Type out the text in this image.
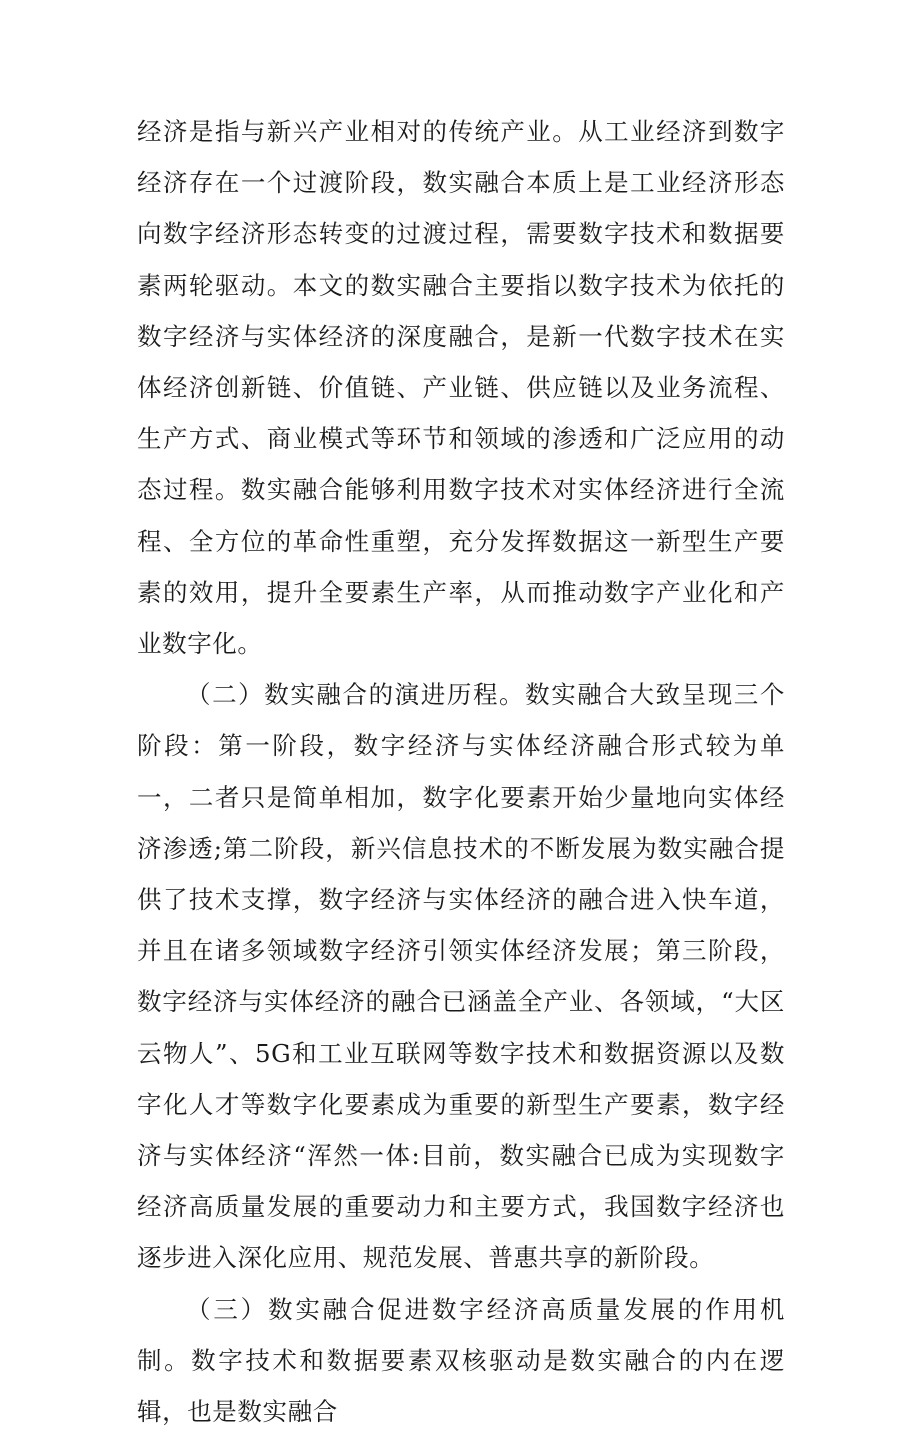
经济是指与新兴产业相对的传统产业。从工业经济到数字经济存在一个过渡阶段，数实融合本质上是工业经济形态向数字经济形态转变的过渡过程，需要数字技术和数据要素两轮驱动。本文的数实融合主要指以数字技术为依托的数字经济与实体经济的深度融合，是新一代数字技术在实体经济创新链、价值链、产业链、供应链以及业务流程、生产方式、商业模式等环节和领域的渗透和广泛应用的动态过程。数实融合能够利用数字技术对实体经济进行全流程、全方位的革命性重塑，充分发挥数据这一新型生产要素的效用，提升全要素生产率，从而推动数字产业化和产业数字化。

（二）数实融合的演进历程。数实融合大致呈现三个阶段：第一阶段，数字经济与实体经济融合形式较为单一，二者只是简单相加，数字化要素开始少量地向实体经济渗透;第二阶段，新兴信息技术的不断发展为数实融合提供了技术支撑，数字经济与实体经济的融合进入快车道，并且在诸多领域数字经济引领实体经济发展；第三阶段，数字经济与实体经济的融合已涵盖全产业、各领域，“大区云物人”、5G和工业互联网等数字技术和数据资源以及数字化人才等数字化要素成为重要的新型生产要素，数字经济与实体经济“浑然一体:目前，数实融合已成为实现数字经济高质量发展的重要动力和主要方式，我国数字经济也逐步进入深化应用、规范发展、普惠共享的新阶段。

（三）数实融合促进数字经济高质量发展的作用机制。数字技术和数据要素双核驱动是数实融合的内在逻辑，也是数实融合
